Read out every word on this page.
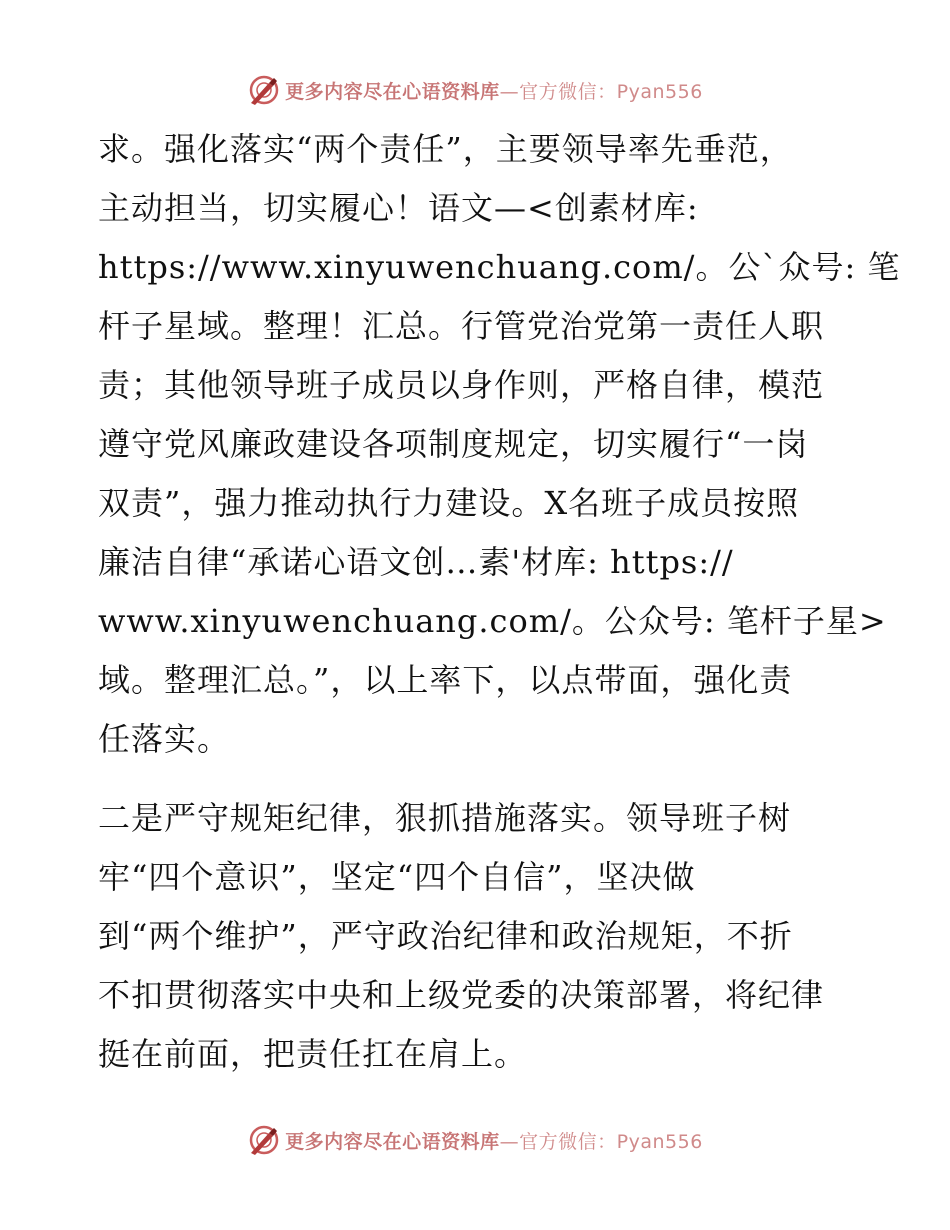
更多内容尽在心语资料库—官方微信：Pyan556
求。强化落实“两个责任”，主要领导率先垂范，
主动担当，切实履心！语文—<创素材库:
https://www.xinyuwenchuang.com/。公`众号: 笔
杆子星域。整理！汇总。行管党治党第一责任人职
责；其他领导班子成员以身作则，严格自律，模范
遵守党风廉政建设各项制度规定，切实履行“一岗
双责”，强力推动执行力建设。X名班子成员按照
廉洁自律“承诺心语文创…素'材库: https://
www.xinyuwenchuang.com/。公众号: 笔杆子星>
域。整理汇总。”，以上率下，以点带面，强化责
任落实。
二是严守规矩纪律，狠抓措施落实。领导班子树
牢“四个意识”，坚定“四个自信”，坚决做
到“两个维护”，严守政治纪律和政治规矩，不折
不扣贯彻落实中央和上级党委的决策部署，将纪律
挺在前面，把责任扛在肩上。
更多内容尽在心语资料库—官方微信：Pyan556
